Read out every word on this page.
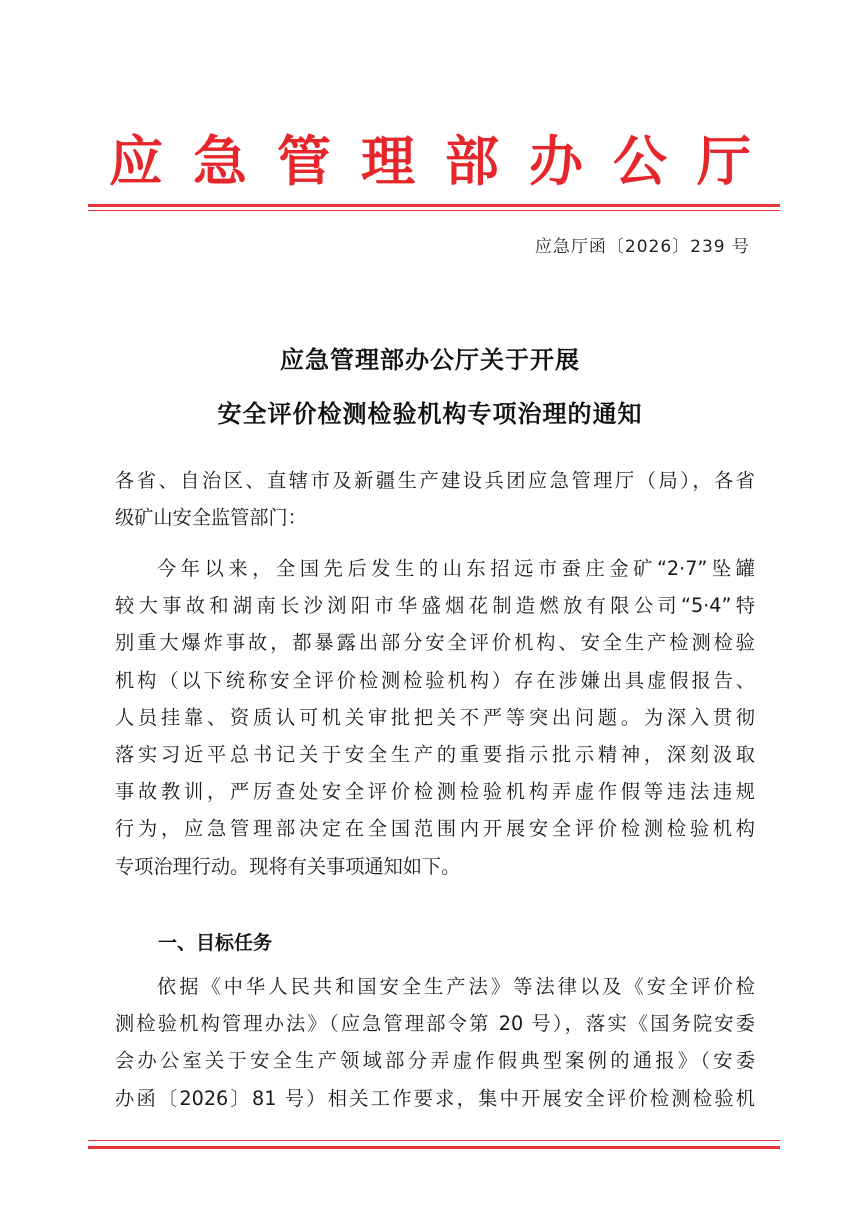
应急管理部办公厅
应急厅函〔2026〕239 号
应急管理部办公厅关于开展
安全评价检测检验机构专项治理的通知
各省、自治区、直辖市及新疆生产建设兵团应急管理厅（局），各省
级矿山安全监管部门：
今年以来，全国先后发生的山东招远市蚕庄金矿“2·7”坠罐
较大事故和湖南长沙浏阳市华盛烟花制造燃放有限公司“5·4”特
别重大爆炸事故，都暴露出部分安全评价机构、安全生产检测检验
机构（以下统称安全评价检测检验机构）存在涉嫌出具虚假报告、
人员挂靠、资质认可机关审批把关不严等突出问题。为深入贯彻
落实习近平总书记关于安全生产的重要指示批示精神，深刻汲取
事故教训，严厉查处安全评价检测检验机构弄虚作假等违法违规
行为，应急管理部决定在全国范围内开展安全评价检测检验机构
专项治理行动。现将有关事项通知如下。
一、目标任务
依据《中华人民共和国安全生产法》等法律以及《安全评价检
测检验机构管理办法》（应急管理部令第 20 号），落实《国务院安委
会办公室关于安全生产领域部分弄虚作假典型案例的通报》（安委
办函〔2026〕81 号）相关工作要求，集中开展安全评价检测检验机
